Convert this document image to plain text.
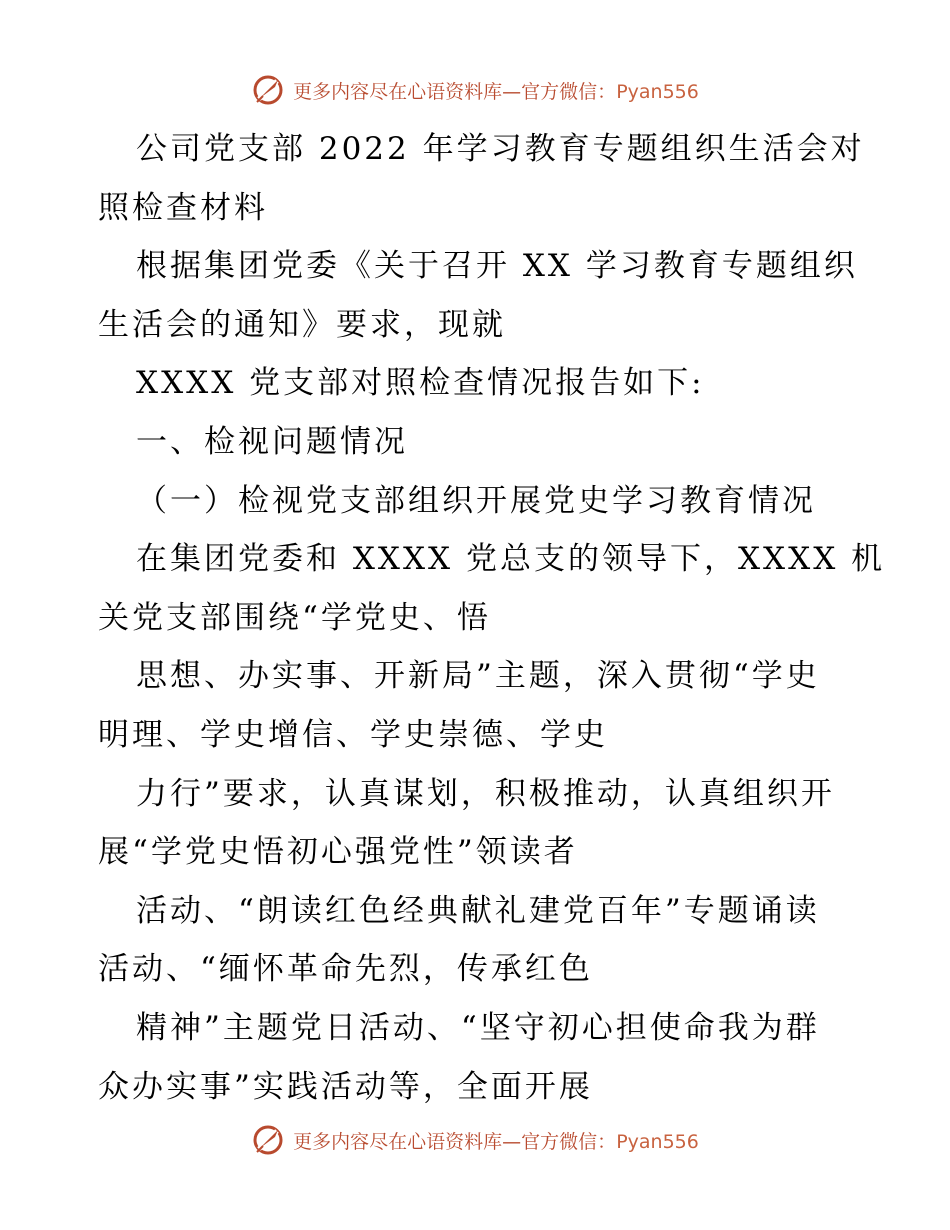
更多内容尽在心语资料库—官方微信：Pyan556
公司党支部 2022 年学习教育专题组织生活会对
照检查材料
根据集团党委《关于召开 XX 学习教育专题组织
生活会的通知》要求，现就
XXXX 党支部对照检查情况报告如下:
一、检视问题情况
（一）检视党支部组织开展党史学习教育情况
在集团党委和 XXXX 党总支的领导下，XXXX 机
关党支部围绕“学党史、悟
思想、办实事、开新局”主题，深入贯彻“学史
明理、学史增信、学史崇德、学史
力行”要求，认真谋划，积极推动，认真组织开
展“学党史悟初心强党性”领读者
活动、“朗读红色经典献礼建党百年”专题诵读
活动、“缅怀革命先烈，传承红色
精神”主题党日活动、“坚守初心担使命我为群
众办实事”实践活动等，全面开展
更多内容尽在心语资料库—官方微信：Pyan556
